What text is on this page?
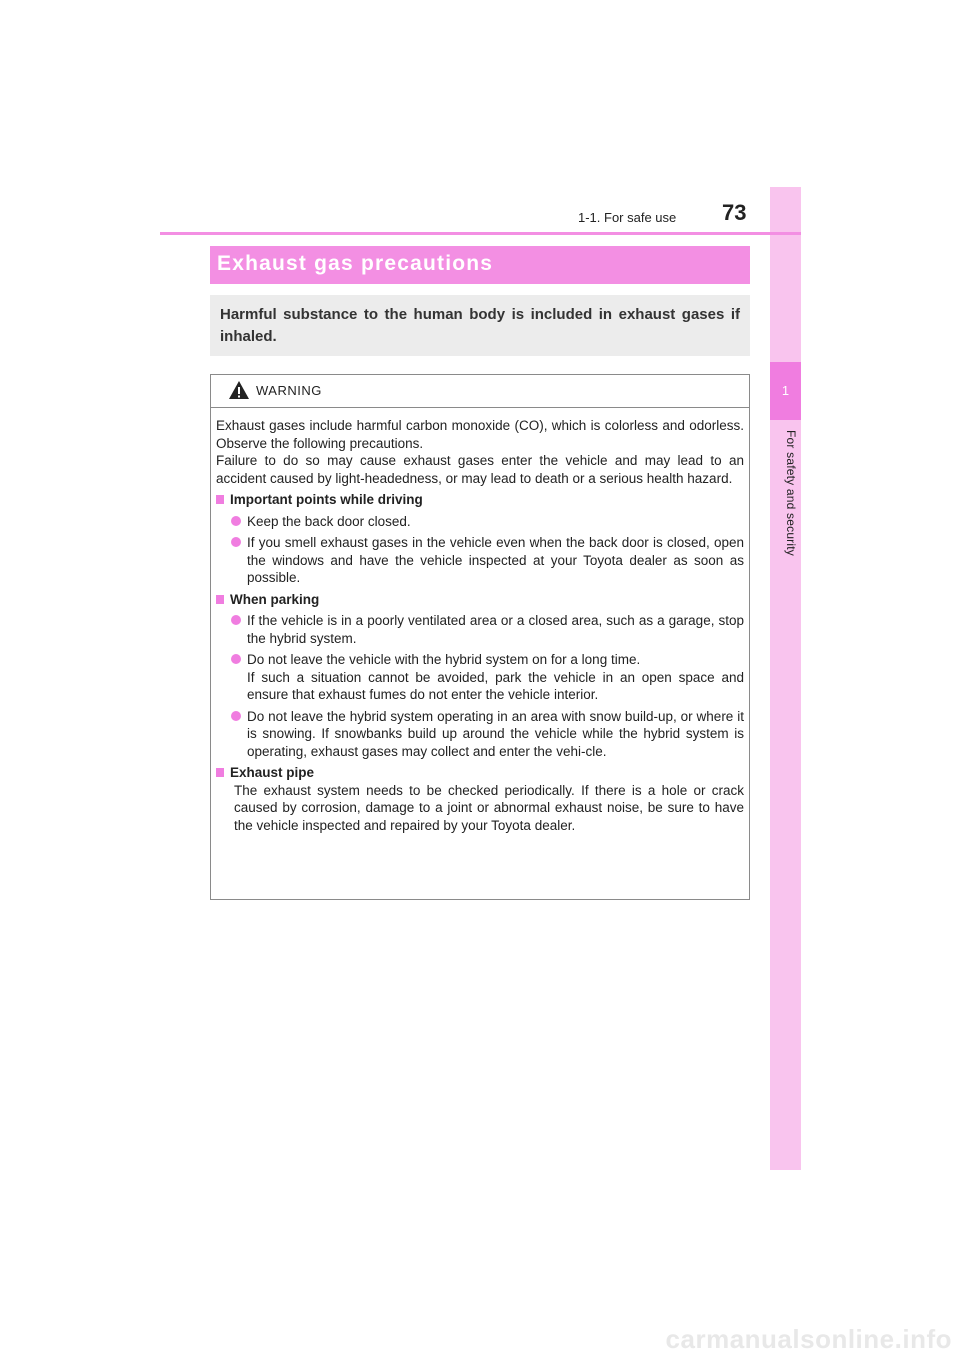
1
For safety and security
1-1. For safe use 73
Exhaust gas precautions
Harmful substance to the human body is included in exhaust gases if inhaled.
WARNING

Exhaust gases include harmful carbon monoxide (CO), which is colorless and odorless. Observe the following precautions.

Failure to do so may cause exhaust gases enter the vehicle and may lead to an accident caused by light-headedness, or may lead to death or a serious health hazard.

Important points while driving
Keep the back door closed.
If you smell exhaust gases in the vehicle even when the back door is closed, open the windows and have the vehicle inspected at your Toyota dealer as soon as possible.
When parking
If the vehicle is in a poorly ventilated area or a closed area, such as a garage, stop the hybrid system.
Do not leave the vehicle with the hybrid system on for a long time.
If such a situation cannot be avoided, park the vehicle in an open space and ensure that exhaust fumes do not enter the vehicle interior.
Do not leave the hybrid system operating in an area with snow build-up, or where it is snowing. If snowbanks build up around the vehicle while the hybrid system is operating, exhaust gases may collect and enter the vehi-cle.
Exhaust pipe
The exhaust system needs to be checked periodically. If there is a hole or crack caused by corrosion, damage to a joint or abnormal exhaust noise, be sure to have the vehicle inspected and repaired by your Toyota dealer.
carmanualsonline.info
